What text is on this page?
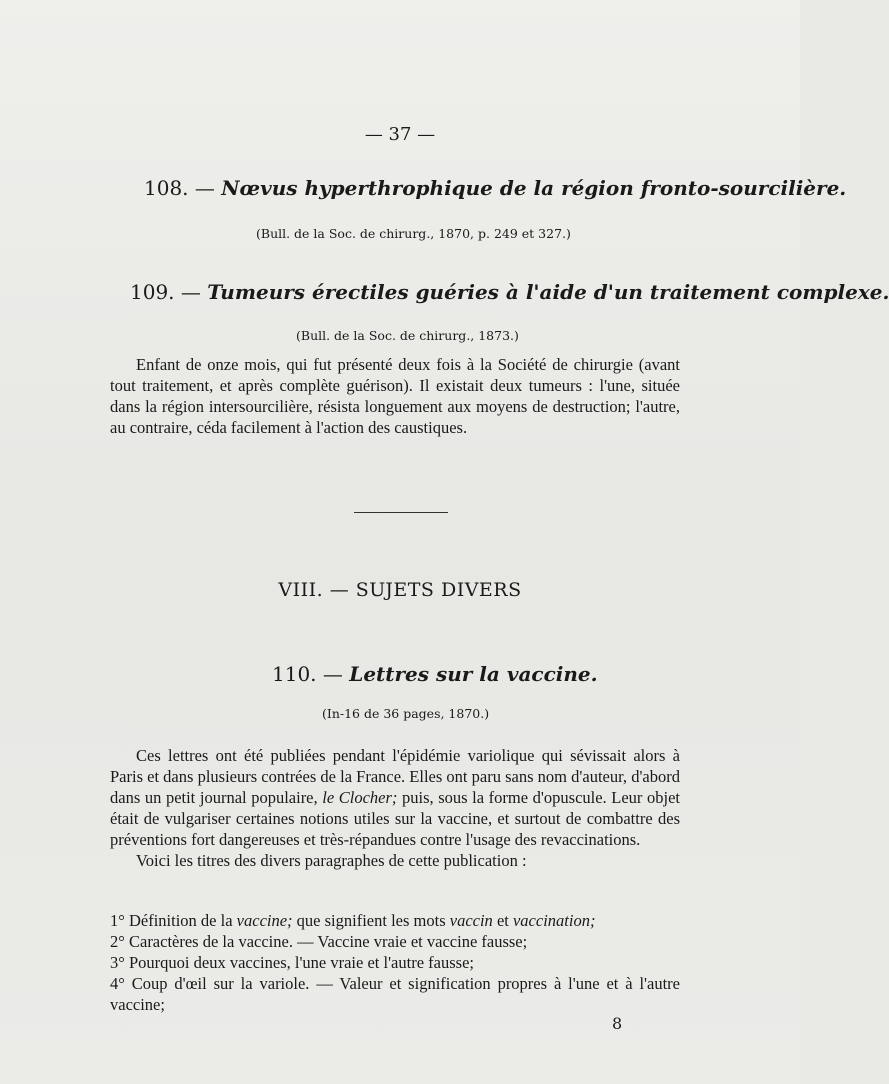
— 37 —
108. — Nœvus hyperthrophique de la région fronto-sourcilière.
(Bull. de la Soc. de chirurg., 1870, p. 249 et 327.)
109. — Tumeurs érectiles guéries à l'aide d'un traitement complexe.
(Bull. de la Soc. de chirurg., 1873.)

Enfant de onze mois, qui fut présenté deux fois à la Société de chirurgie (avant tout traitement, et après complète guérison). Il existait deux tumeurs : l'une, située dans la région intersourcilière, résista longuement aux moyens de destruction; l'autre, au contraire, céda facilement à l'action des caustiques.

VIII. — SUJETS DIVERS
110. — Lettres sur la vaccine.
(In-16 de 36 pages, 1870.)

Ces lettres ont été publiées pendant l'épidémie variolique qui sévissait alors à Paris et dans plusieurs contrées de la France. Elles ont paru sans nom d'auteur, d'abord dans un petit journal populaire, le Clocher; puis, sous la forme d'opuscule. Leur objet était de vulgariser certaines notions utiles sur la vaccine, et surtout de combattre des préventions fort dangereuses et très-répandues contre l'usage des revaccinations.

Voici les titres des divers paragraphes de cette publication :

1° Définition de la vaccine; que signifient les mots vaccin et vaccination;
2° Caractères de la vaccine. — Vaccine vraie et vaccine fausse;
3° Pourquoi deux vaccines, l'une vraie et l'autre fausse;
4° Coup d'œil sur la variole. — Valeur et signification propres à l'une et à l'autre vaccine;
8
